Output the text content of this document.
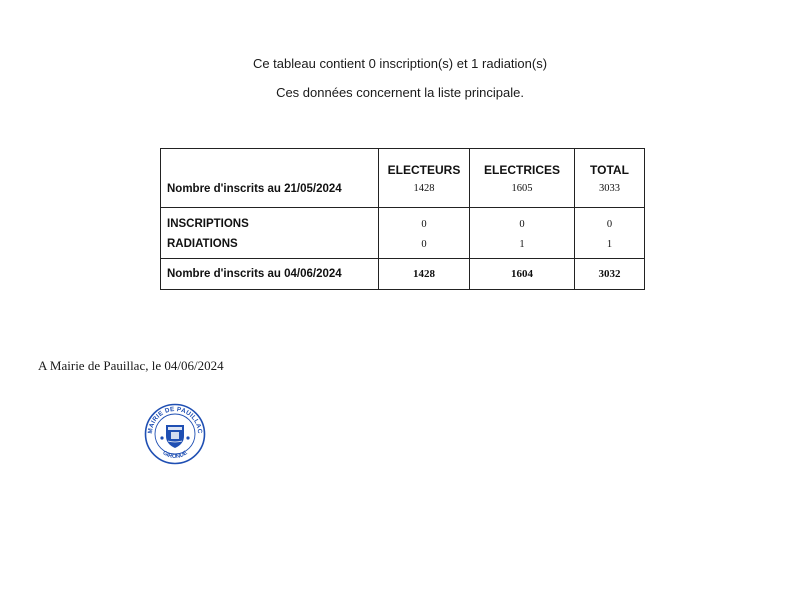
Ce tableau contient 0 inscription(s) et 1 radiation(s)
Ces données concernent la liste principale.
	ELECTEURS	ELECTRICES	TOTAL
Nombre d'inscrits au 21/05/2024	1428	1605	3033
INSCRIPTIONS	0	0	0
RADIATIONS	0	1	1
Nombre d'inscrits au 04/06/2024	1428	1604	3032
A Mairie de Pauillac, le 04/06/2024
MAIRIE DE PAUILLAC
GIRONDE
